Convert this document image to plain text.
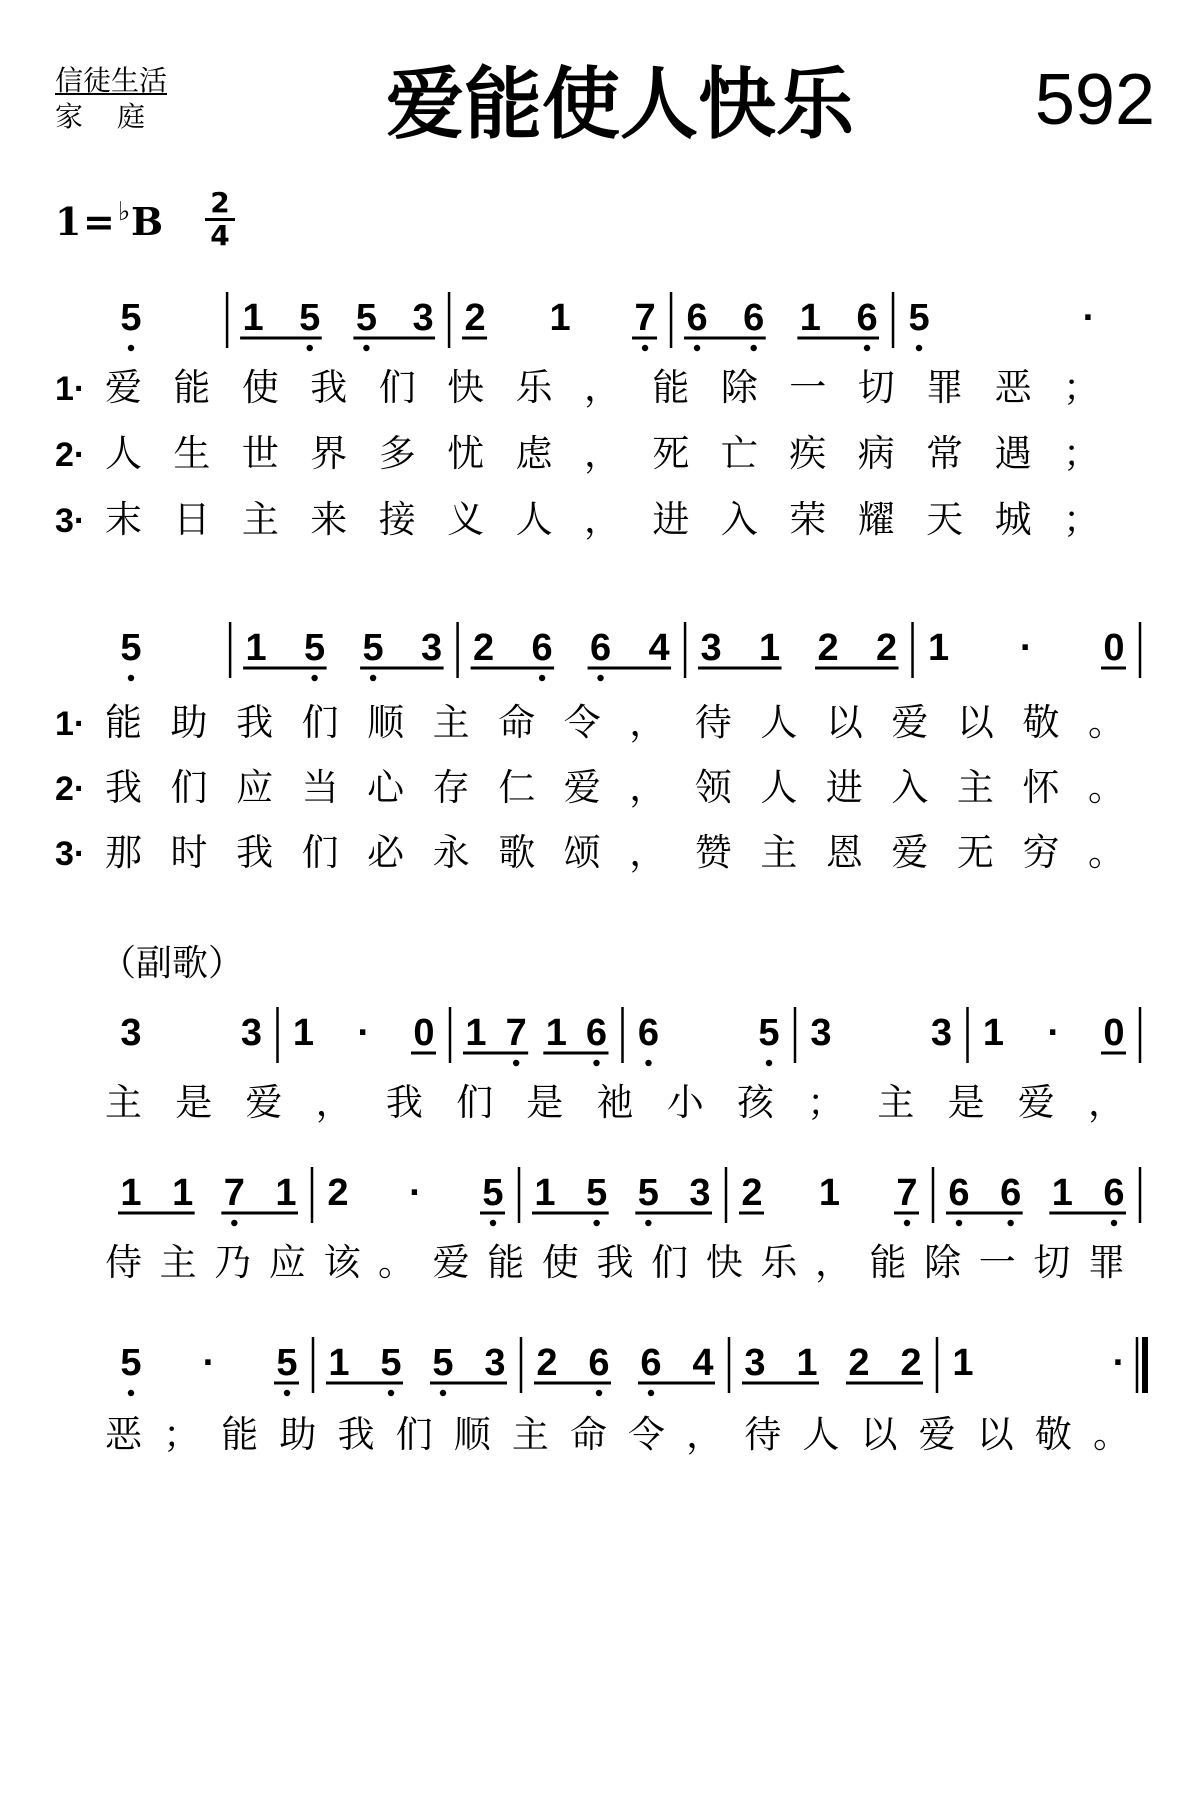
信徒生活
家庭	爱能使人快乐	592
1 = ♭ B 2
4
（副歌）
5	1 5 5 3 2 1 7 6 6 1 6 5	·
1· 爱能使我们快乐，能除一切罪恶；
2· 人生世界多忧虑，死亡疾病常遇；
3· 末日主来接义人，进入荣耀天城；
5	1 5 5 3 2 6 6 4 3 1 2 2 1 · 0
1· 能助我们顺主命令，待人以爱以敬。
2· 我们应当心存仁爱，领人进入主怀。
3· 那时我们必永歌颂，赞主恩爱无穷。
3	3 1 · 0 1 7 1 6 6	5 3	3 1 · 0
主是爱，我们是祂小孩；主是爱，
1 1 7 1 2 · 5 1 5 5 3 2 1 7 6 6 1 6
侍主乃应该。爱能使我们快乐，能除一切罪
5 · 5 1 5 5 3 2 6 6 4 3 1 2 2 1	·
恶；能助我们顺主命令，待人以爱以敬。
